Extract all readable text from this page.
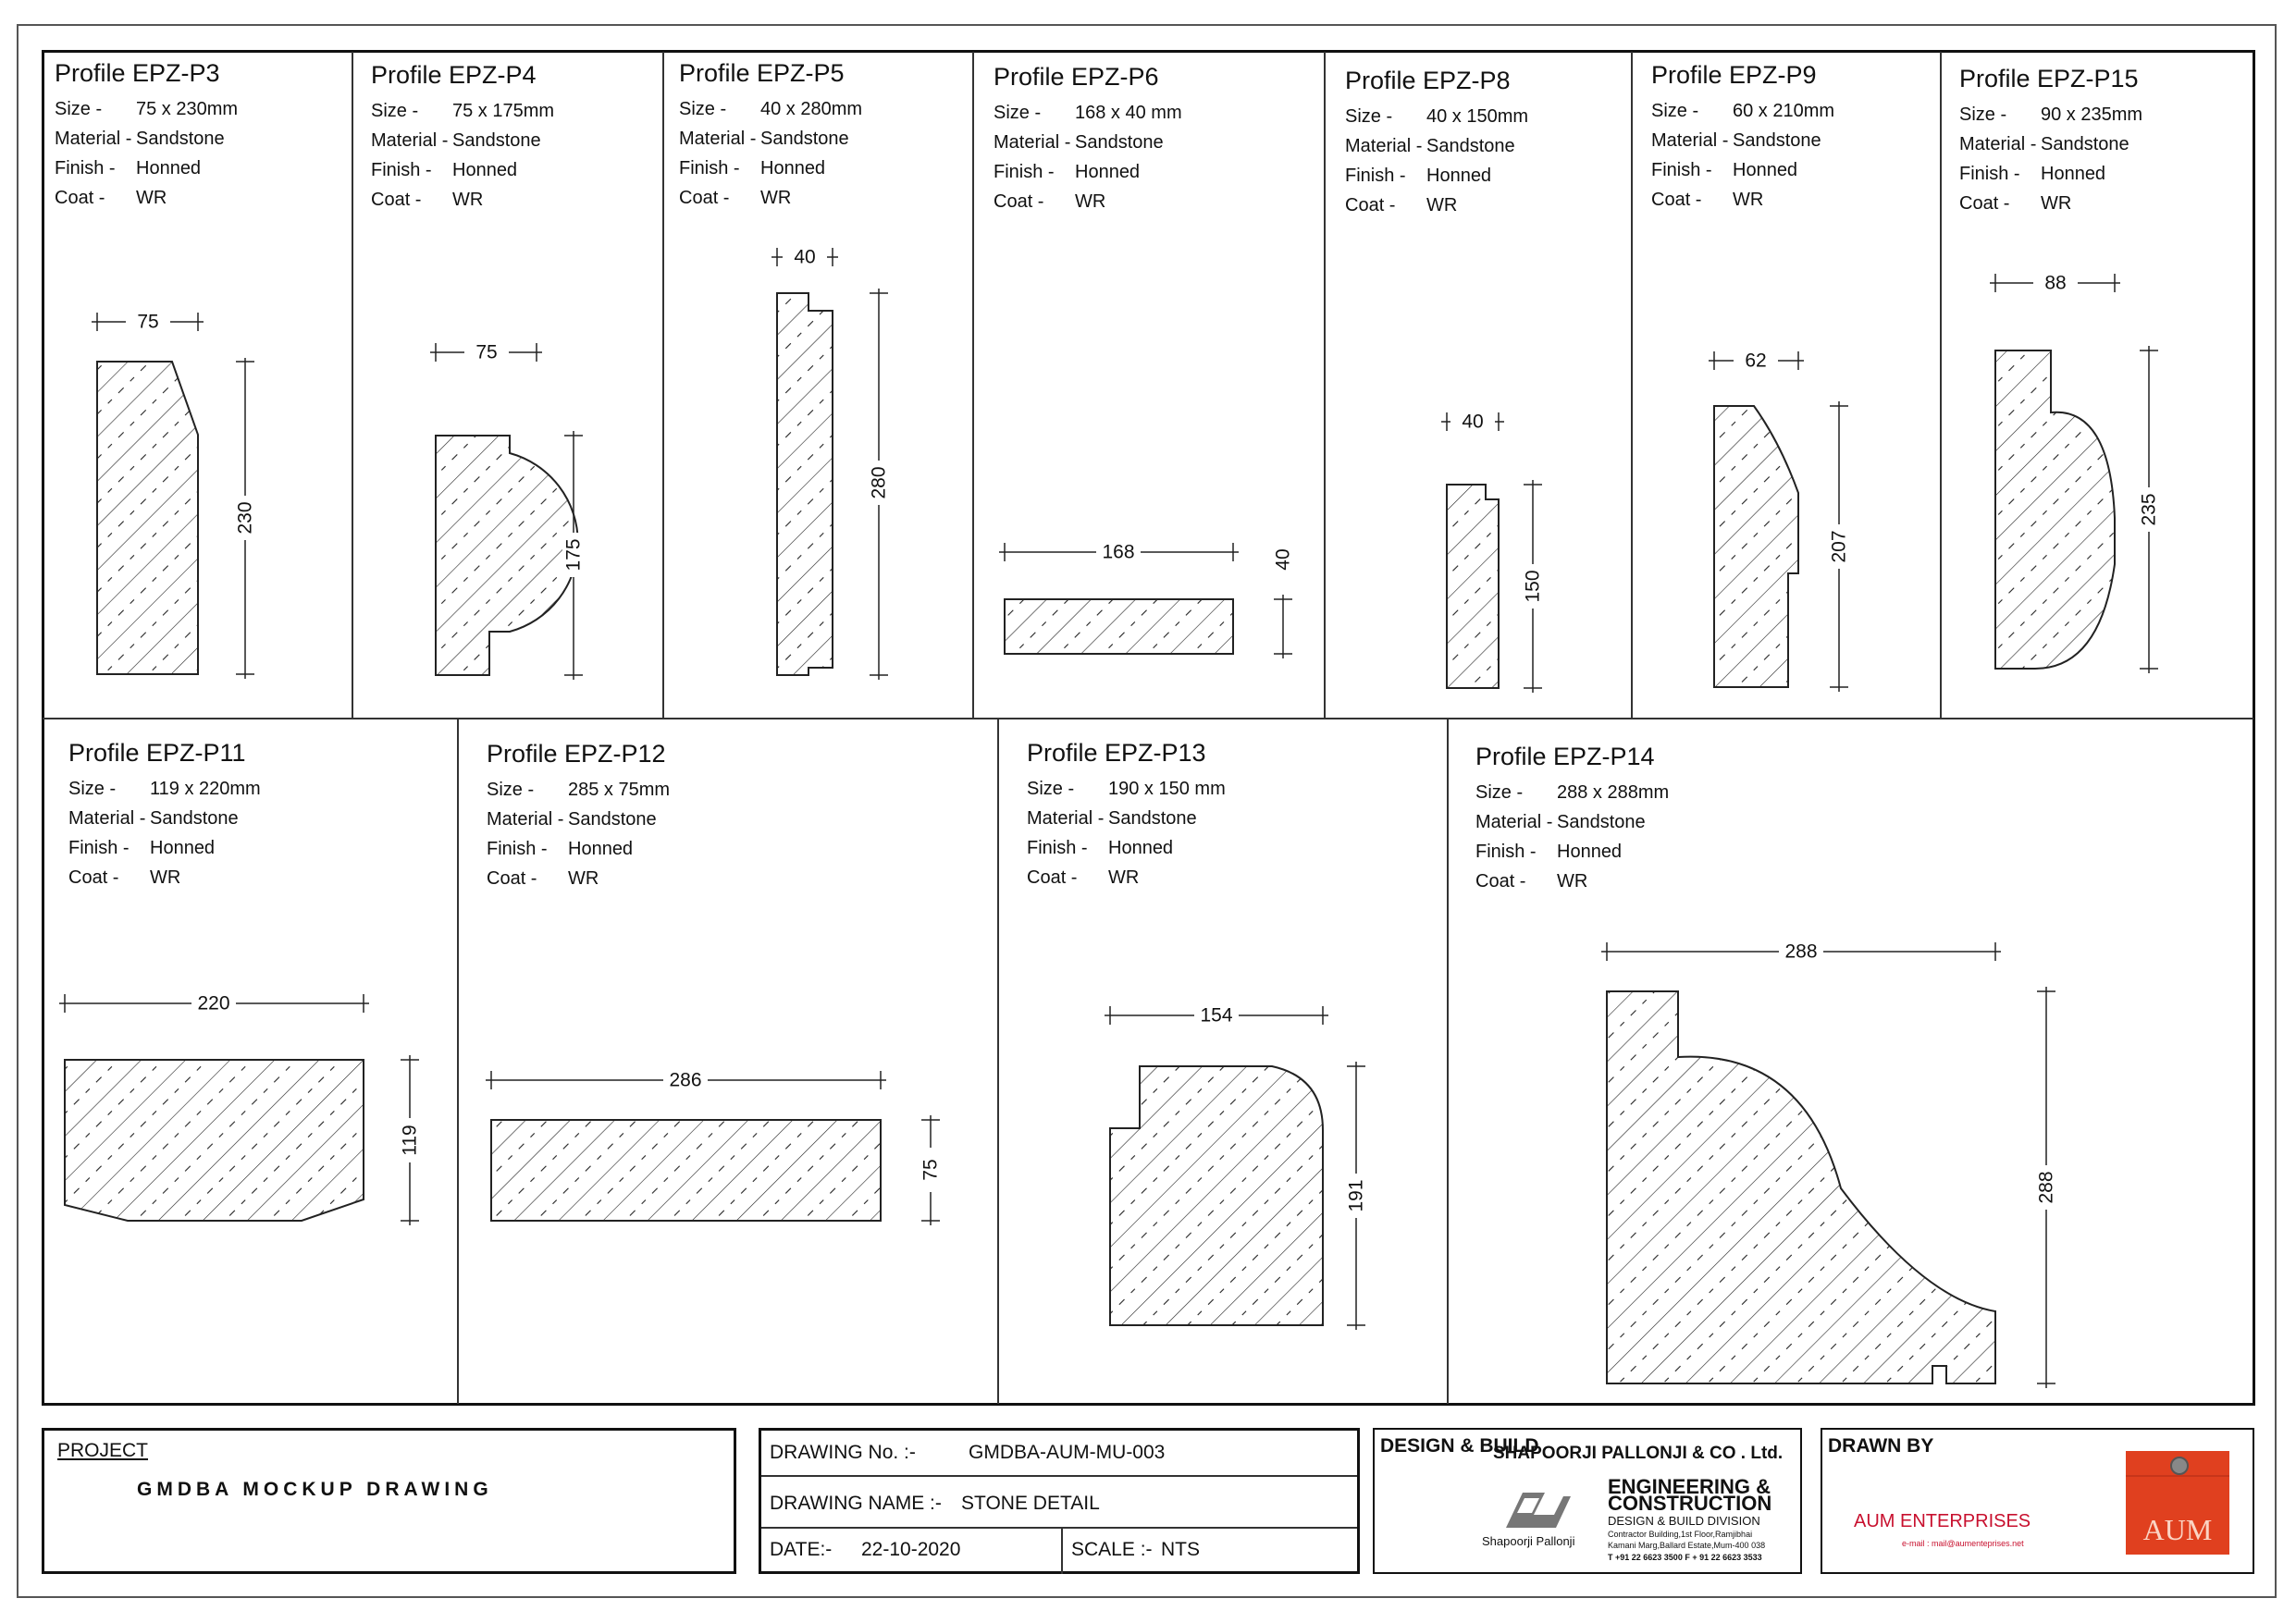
Profile EPZ-P3
Size - 75 x 230mm
Material - Sandstone
Finish - Honned
Coat - WR
Profile EPZ-P4
Size - 75 x 175mm
Material - Sandstone
Finish - Honned
Coat - WR
Profile EPZ-P5
Size - 40 x 280mm
Material - Sandstone
Finish - Honned
Coat - WR
Profile EPZ-P6
Size - 168 x 40 mm
Material - Sandstone
Finish - Honned
Coat - WR
Profile EPZ-P8
Size - 40 x 150mm
Material - Sandstone
Finish - Honned
Coat - WR
Profile EPZ-P9
Size - 60 x 210mm
Material - Sandstone
Finish - Honned
Coat - WR
Profile EPZ-P15
Size - 90 x 235mm
Material - Sandstone
Finish - Honned
Coat - WR
Profile EPZ-P11
Size - 119 x 220mm
Material - Sandstone
Finish - Honned
Coat - WR
Profile EPZ-P12
Size - 285 x 75mm
Material - Sandstone
Finish - Honned
Coat - WR
Profile EPZ-P13
Size - 190 x 150 mm
Material - Sandstone
Finish - Honned
Coat - WR
Profile EPZ-P14
Size - 288 x 288mm
Material - Sandstone
Finish - Honned
Coat - WR
75
230
75
175
40
280
168	40
40
150
62
207
88
235
220
119
286
75
154
191
288
288
PROJECT
GMDBA MOCKUP DRAWING
DRAWING No. :-	GMDBA-AUM-MU-003
DRAWING NAME :- STONE DETAIL
DATE:- 22-10-2020	SCALE :- NTS
DESIGN & BUILD
SHAPOORJI PALLONJI & CO . Ltd.
Shapoorji Pallonji
ENGINEERING &
CONSTRUCTION
DESIGN & BUILD DIVISION
Contractor Building,1st Floor,Ramjibhai
Kamani Marg,Ballard Estate,Mum-400 038
T +91 22 6623 3500 F + 91 22 6623 3533
DRAWN BY
AUM ENTERPRISES
e-mail : mail@aumenteprises.net	AUM
